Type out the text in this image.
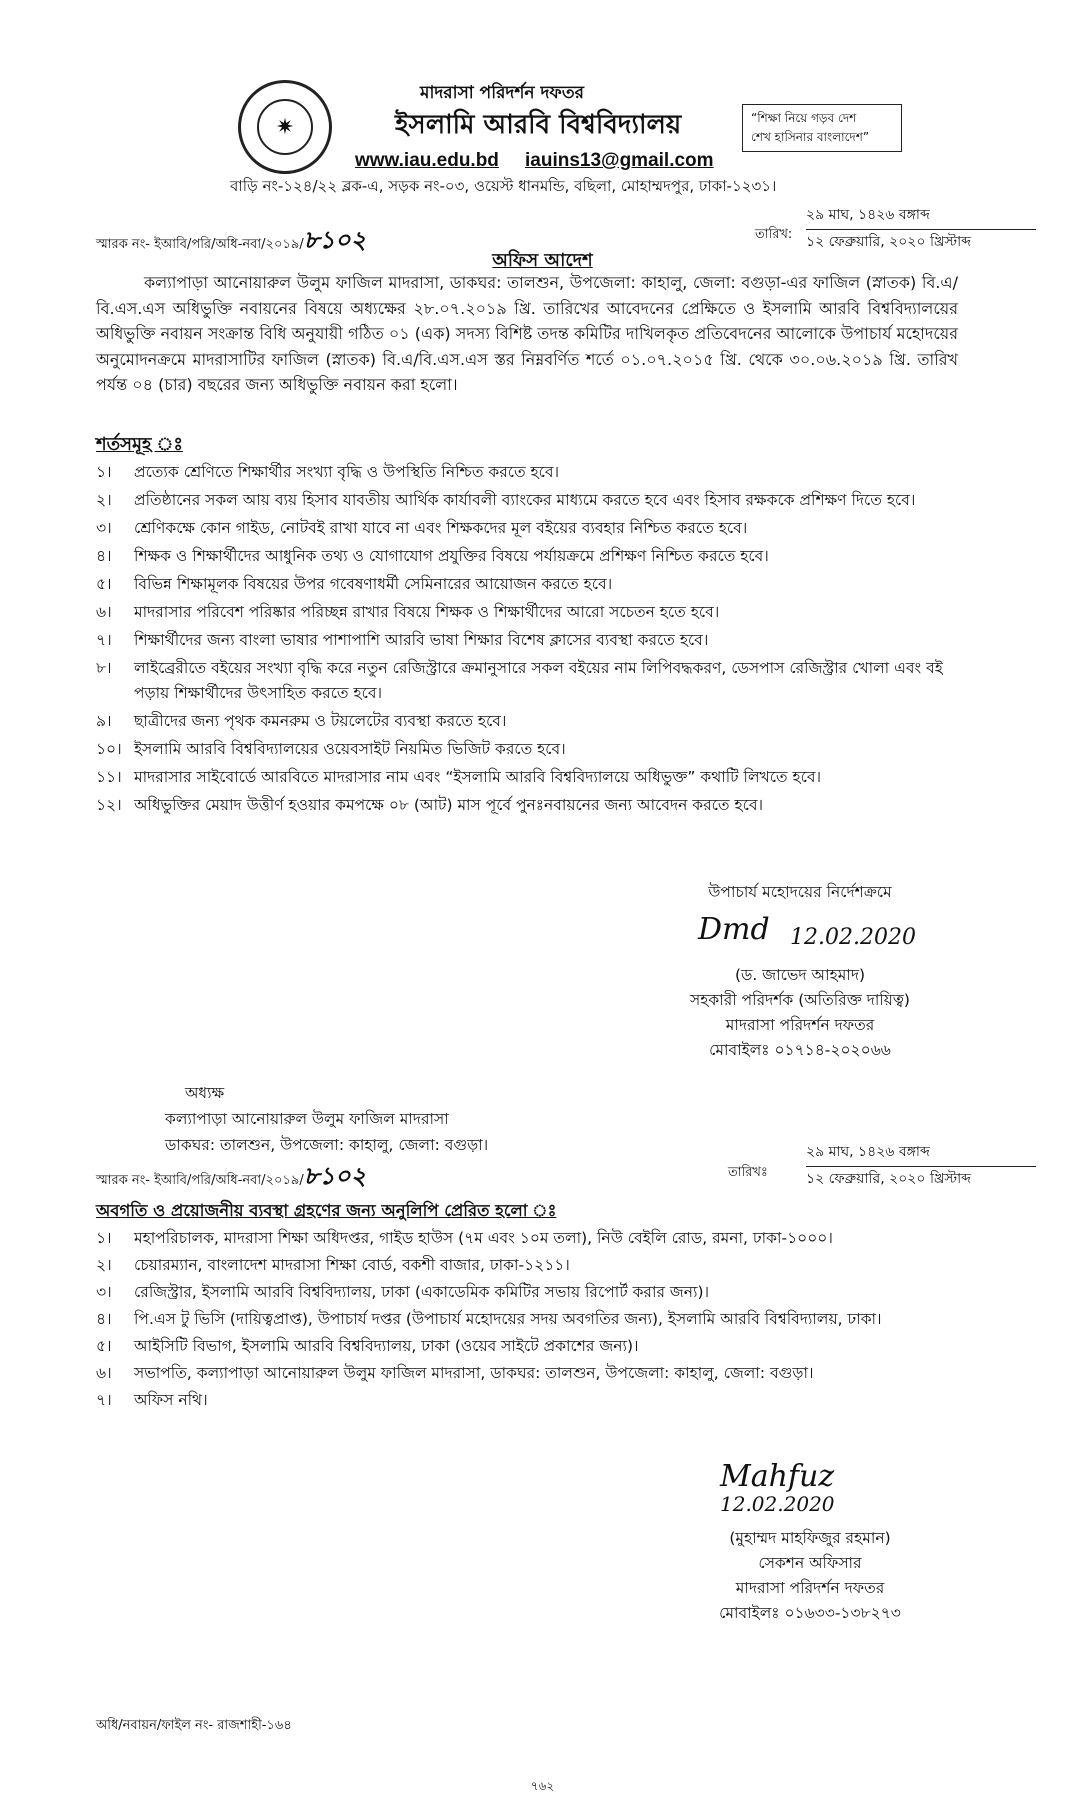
✷
মাদরাসা পরিদর্শন দফতর
ইসলামি আরবি বিশ্ববিদ্যালয়
www.iau.edu.bd iauins13@gmail.com
বাড়ি নং-১২৪/২২ ব্লক-এ, সড়ক নং-০৩, ওয়েস্ট ধানমন্ডি, বছিলা, মোহাম্মদপুর, ঢাকা-১২৩১।
“শিক্ষা নিয়ে গড়ব দেশ
শেখ হাসিনার বাংলাদেশ”
স্মারক নং- ইআবি/পরি/অধি-নবা/২০১৯/৮১০২	তারিখ:
২৯ মাঘ, ১৪২৬ বঙ্গাব্দ
১২ ফেব্রুয়ারি, ২০২০ খ্রিস্টাব্দ
অফিস আদেশ
কল্যাপাড়া আনোয়ারুল উলুম ফাজিল মাদরাসা, ডাকঘর: তালশুন, উপজেলা: কাহালু, জেলা: বগুড়া-এর ফাজিল (স্নাতক) বি.এ/বি.এস.এস অধিভুক্তি নবায়নের বিষয়ে অধ্যক্ষের ২৮.০৭.২০১৯ খ্রি. তারিখের আবেদনের প্রেক্ষিতে ও ইসলামি আরবি বিশ্ববিদ্যালয়ের অধিভুক্তি নবায়ন সংক্রান্ত বিধি অনুযায়ী গঠিত ০১ (এক) সদস্য বিশিষ্ট তদন্ত কমিটির দাখিলকৃত প্রতিবেদনের আলোকে উপাচার্য মহোদয়ের অনুমোদনক্রমে মাদরাসাটির ফাজিল (স্নাতক) বি.এ/বি.এস.এস স্তর নিম্নবর্ণিত শর্তে ০১.০৭.২০১৫ খ্রি. থেকে ৩০.০৬.২০১৯ খ্রি. তারিখ পর্যন্ত ০৪ (চার) বছরের জন্য অধিভুক্তি নবায়ন করা হলো।
শর্তসমূহ ঃ
১।	প্রত্যেক শ্রেণিতে শিক্ষার্থীর সংখ্যা বৃদ্ধি ও উপস্থিতি নিশ্চিত করতে হবে।
২।	প্রতিষ্ঠানের সকল আয় ব্যয় হিসাব যাবতীয় আর্থিক কার্যাবলী ব্যাংকের মাধ্যমে করতে হবে এবং হিসাব রক্ষককে প্রশিক্ষণ দিতে হবে।
৩।	শ্রেণিকক্ষে কোন গাইড, নোটবই রাখা যাবে না এবং শিক্ষকদের মূল বইয়ের ব্যবহার নিশ্চিত করতে হবে।
৪।	শিক্ষক ও শিক্ষার্থীদের আধুনিক তথ্য ও যোগাযোগ প্রযুক্তির বিষয়ে পর্যায়ক্রমে প্রশিক্ষণ নিশ্চিত করতে হবে।
৫।	বিভিন্ন শিক্ষামূলক বিষয়ের উপর গবেষণাধর্মী সেমিনারের আয়োজন করতে হবে।
৬।	মাদরাসার পরিবেশ পরিষ্কার পরিচ্ছন্ন রাখার বিষয়ে শিক্ষক ও শিক্ষার্থীদের আরো সচেতন হতে হবে।
৭।	শিক্ষার্থীদের জন্য বাংলা ভাষার পাশাপাশি আরবি ভাষা শিক্ষার বিশেষ ক্লাসের ব্যবস্থা করতে হবে।
৮।	লাইব্রেরীতে বইয়ের সংখ্যা বৃদ্ধি করে নতুন রেজিস্ট্রারে ক্রমানুসারে সকল বইয়ের নাম লিপিবদ্ধকরণ, ডেসপাস রেজিস্ট্রার খোলা এবং বই পড়ায় শিক্ষার্থীদের উৎসাহিত করতে হবে।
৯।	ছাত্রীদের জন্য পৃথক কমনরুম ও টয়লেটের ব্যবস্থা করতে হবে।
১০। ইসলামি আরবি বিশ্ববিদ্যালয়ের ওয়েবসাইট নিয়মিত ভিজিট করতে হবে।
১১। মাদরাসার সাইবোর্ডে আরবিতে মাদরাসার নাম এবং “ইসলামি আরবি বিশ্ববিদ্যালয়ে অধিভুক্ত” কথাটি লিখতে হবে।
১২। অধিভুক্তির মেয়াদ উত্তীর্ণ হওয়ার কমপক্ষে ০৮ (আট) মাস পূর্বে পুনঃনবায়নের জন্য আবেদন করতে হবে।
উপাচার্য মহোদয়ের নির্দেশক্রমে
Dmd 12.02.2020
(ড. জাভেদ আহমাদ)
সহকারী পরিদর্শক (অতিরিক্ত দায়িত্ব)
মাদরাসা পরিদর্শন দফতর
মোবাইলঃ ০১৭১৪-২০২০৬৬
অধ্যক্ষ
কল্যাপাড়া আনোয়ারুল উলুম ফাজিল মাদরাসা
ডাকঘর: তালশুন, উপজেলা: কাহালু, জেলা: বগুড়া।
স্মারক নং- ইআবি/পরি/অধি-নবা/২০১৯/৮১০২	তারিখঃ
২৯ মাঘ, ১৪২৬ বঙ্গাব্দ
১২ ফেব্রুয়ারি, ২০২০ খ্রিস্টাব্দ
অবগতি ও প্রয়োজনীয় ব্যবস্থা গ্রহণের জন্য অনুলিপি প্রেরিত হলো ঃ
১।	মহাপরিচালক, মাদরাসা শিক্ষা অধিদপ্তর, গাইড হাউস (৭ম এবং ১০ম তলা), নিউ বেইলি রোড, রমনা, ঢাকা-১০০০।
২।	চেয়ারম্যান, বাংলাদেশ মাদরাসা শিক্ষা বোর্ড, বকশী বাজার, ঢাকা-১২১১।
৩।	রেজিস্ট্রার, ইসলামি আরবি বিশ্ববিদ্যালয়, ঢাকা (একাডেমিক কমিটির সভায় রিপোর্ট করার জন্য)।
৪।	পি.এস টু ভিসি (দায়িত্বপ্রাপ্ত), উপাচার্য দপ্তর (উপাচার্য মহোদয়ের সদয় অবগতির জন্য), ইসলামি আরবি বিশ্ববিদ্যালয়, ঢাকা।
৫।	আইসিটি বিভাগ, ইসলামি আরবি বিশ্ববিদ্যালয়, ঢাকা (ওয়েব সাইটে প্রকাশের জন্য)।
৬।	সভাপতি, কল্যাপাড়া আনোয়ারুল উলুম ফাজিল মাদরাসা, ডাকঘর: তালশুন, উপজেলা: কাহালু, জেলা: বগুড়া।
৭।	অফিস নথি।
Mahfuz
12.02.2020
(মুহাম্মদ মাহফিজুর রহমান)
সেকশন অফিসার
মাদরাসা পরিদর্শন দফতর
মোবাইলঃ ০১৬৩৩-১৩৮২৭৩
অধি/নবায়ন/ফাইল নং- রাজশাহী-১৬৪
৭৬২
